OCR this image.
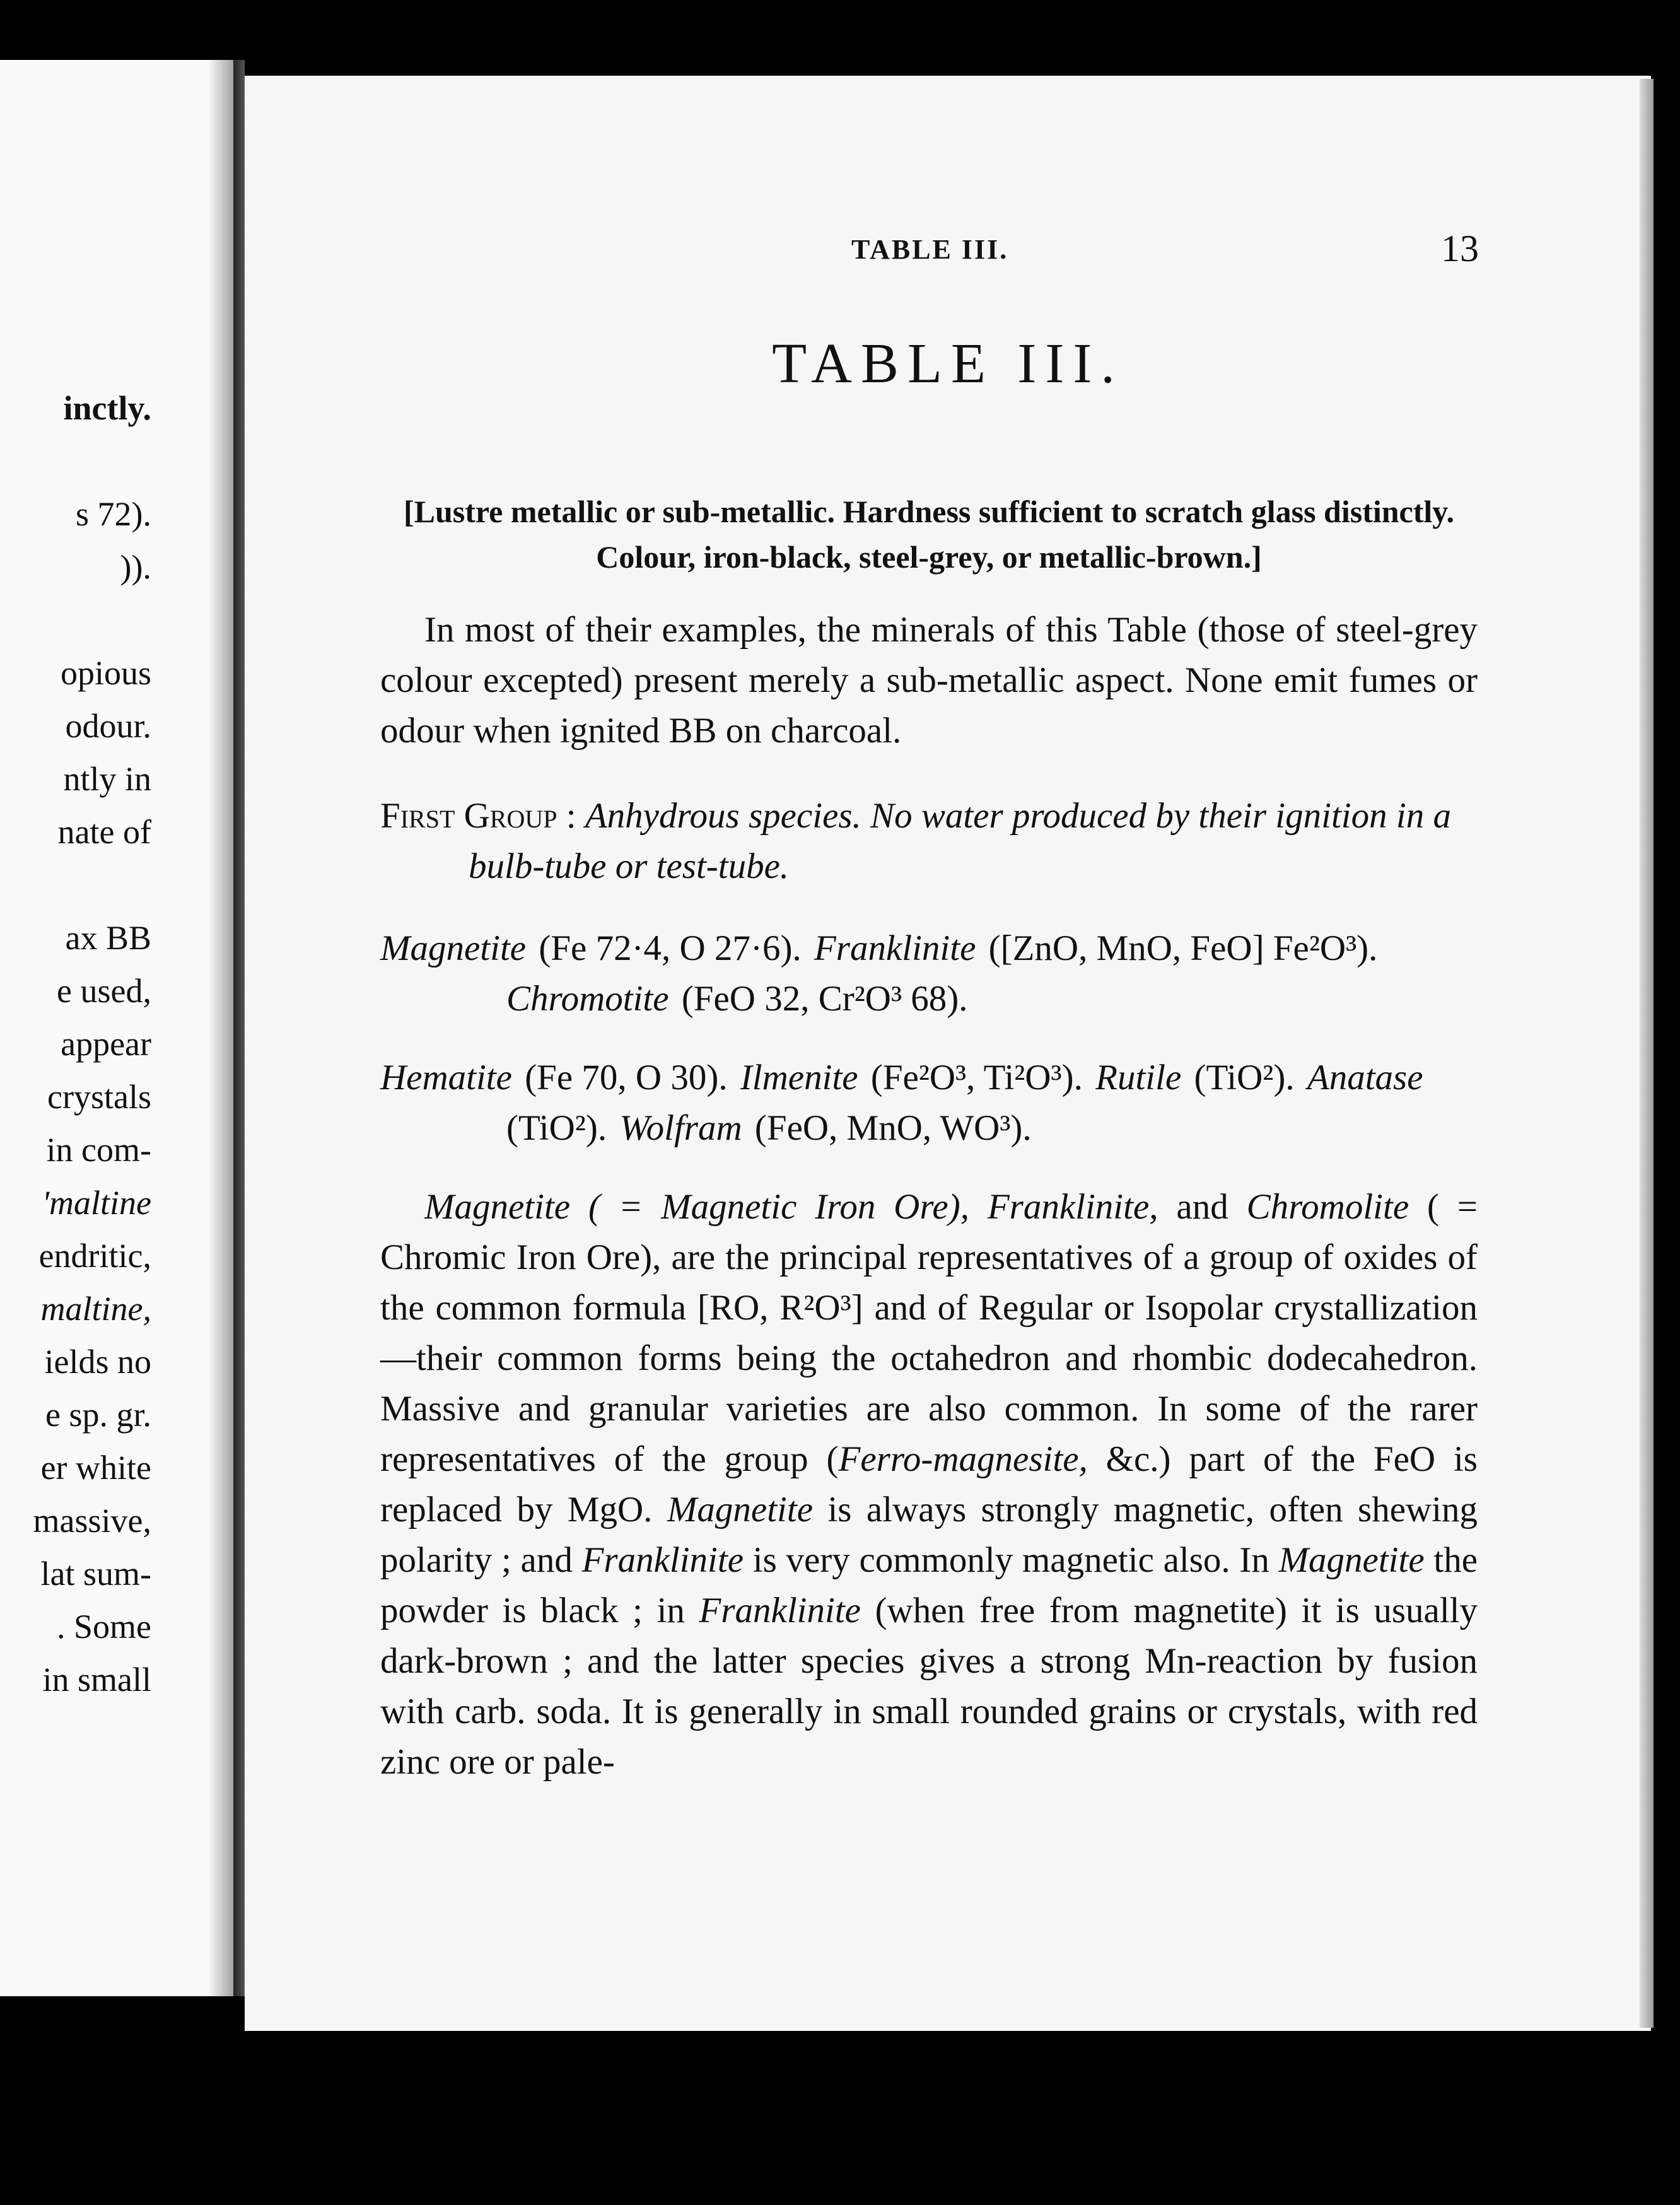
inctly.
s 72).
)).
opious
odour.
ntly in
nate of
ax BB
e used,
appear
crystals
in com-
'maltine
endritic,
maltine,
ields no
e sp. gr.
er white
massive,
lat sum-
. Some
in small
TABLE III.	13
TABLE III.

[Lustre metallic or sub-metallic. Hardness sufficient to scratch glass distinctly. Colour, iron-black, steel-grey, or metallic-brown.]

In most of their examples, the minerals of this Table (those of steel-grey colour excepted) present merely a sub-metallic aspect. None emit fumes or odour when ignited BB on charcoal.

First Group : Anhydrous species. No water produced by their ignition in a bulb-tube or test-tube.

Magnetite (Fe 72·4, O 27·6). Franklinite ([ZnO, MnO, FeO] Fe²O³). Chromotite (FeO 32, Cr²O³ 68).

Hematite (Fe 70, O 30). Ilmenite (Fe²O³, Ti²O³). Rutile (TiO²). Anatase (TiO²). Wolfram (FeO, MnO, WO³).

Magnetite ( = Magnetic Iron Ore), Franklinite, and Chromolite ( = Chromic Iron Ore), are the principal representatives of a group of oxides of the common formula [RO, R²O³] and of Regular or Isopolar crystallization—their common forms being the octahedron and rhombic dodecahedron. Massive and granular varieties are also common. In some of the rarer representatives of the group (Ferro-magnesite, &c.) part of the FeO is replaced by MgO. Magnetite is always strongly magnetic, often shewing polarity ; and Franklinite is very commonly magnetic also. In Magnetite the powder is black ; in Franklinite (when free from magnetite) it is usually dark-brown ; and the latter species gives a strong Mn-reaction by fusion with carb. soda. It is generally in small rounded grains or crystals, with red zinc ore or pale-
